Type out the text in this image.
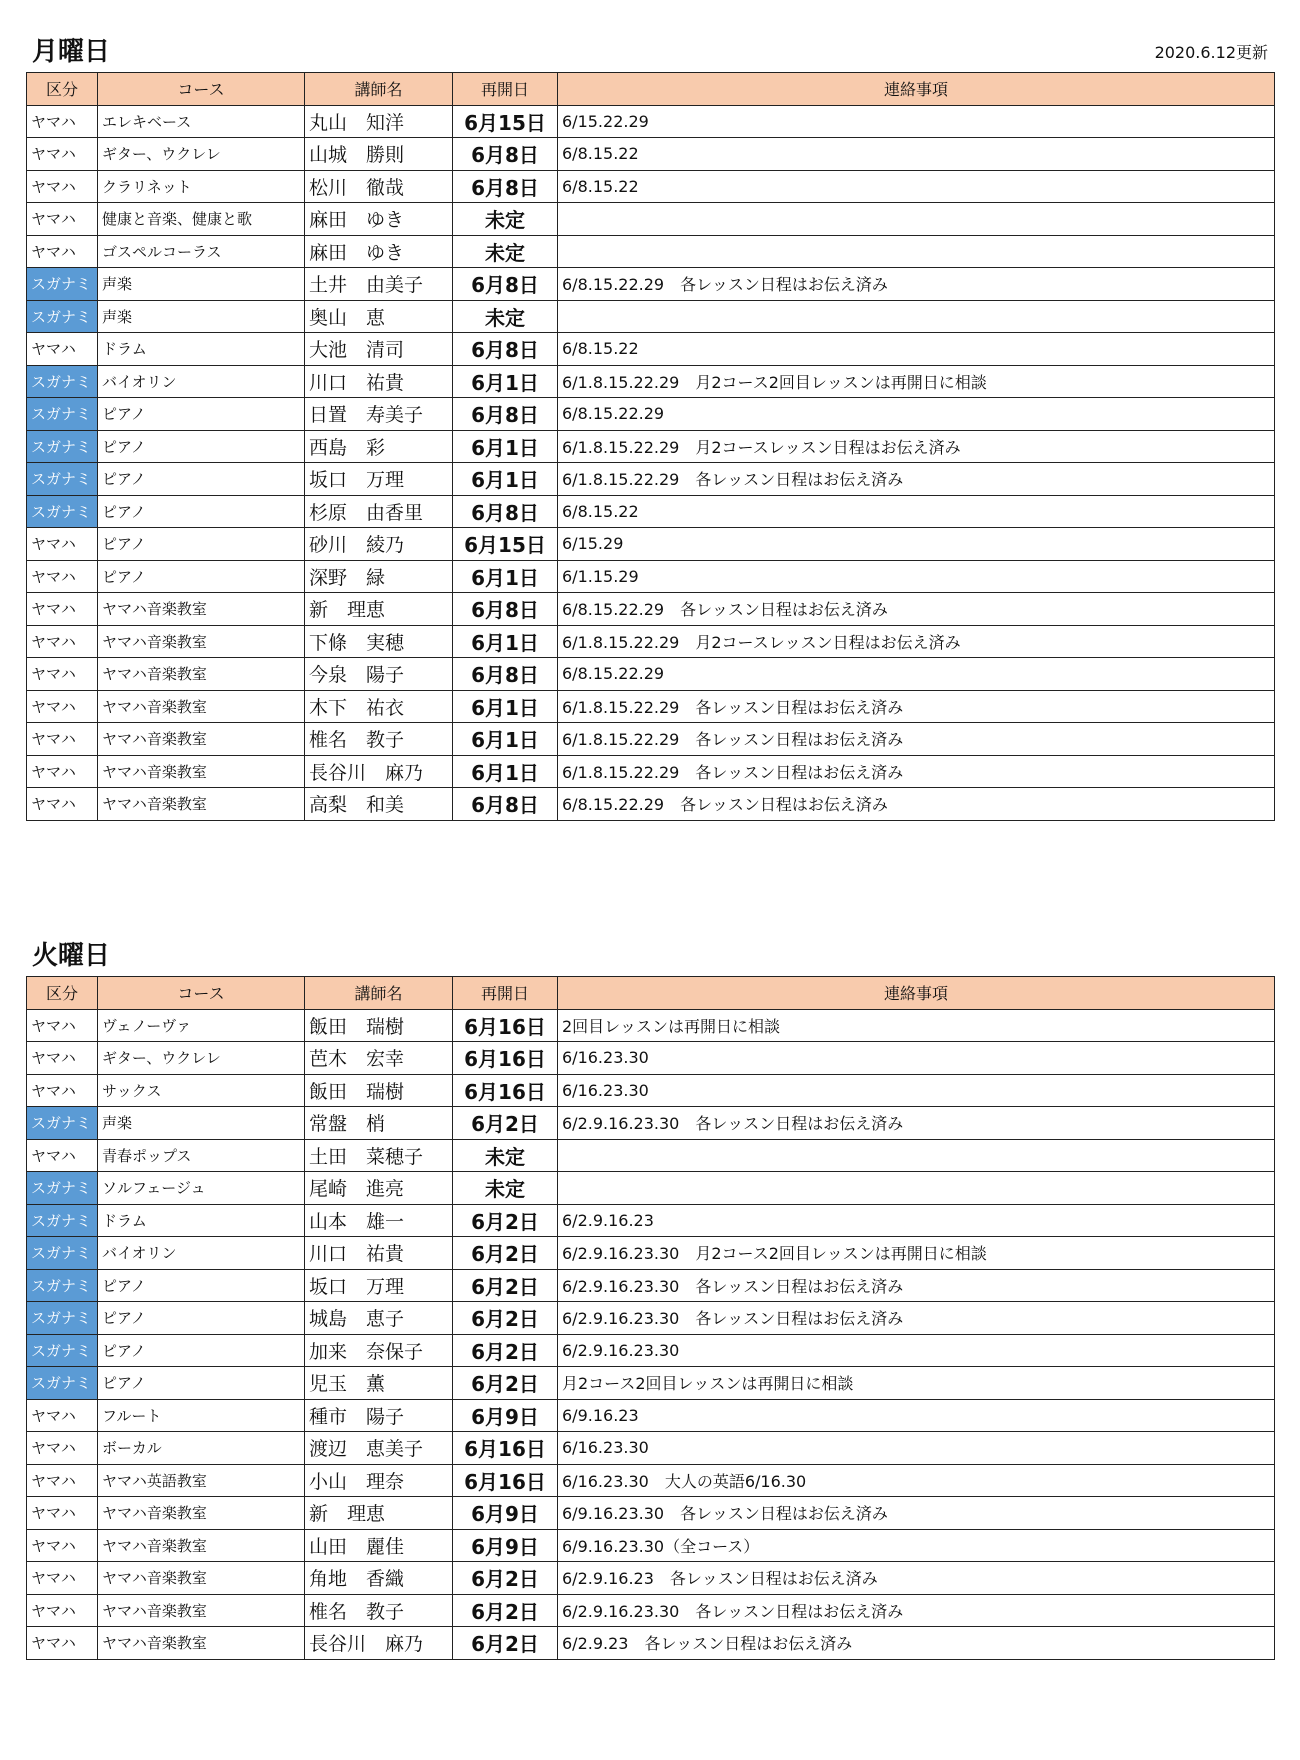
月曜日	2020.6.12更新
区分	コース	講師名	再開日	連絡事項
ヤマハ	エレキベース	丸山　知洋	6月15日	6/15.22.29
ヤマハ	ギター、ウクレレ	山城　勝則	6月8日	6/8.15.22
ヤマハ	クラリネット	松川　徹哉	6月8日	6/8.15.22
ヤマハ	健康と音楽、健康と歌	麻田　ゆき	未定	
ヤマハ	ゴスペルコーラス	麻田　ゆき	未定	
スガナミ	声楽	土井　由美子	6月8日	6/8.15.22.29　各レッスン日程はお伝え済み
スガナミ	声楽	奥山　恵	未定	
ヤマハ	ドラム	大池　清司	6月8日	6/8.15.22
スガナミ	バイオリン	川口　祐貴	6月1日	6/1.8.15.22.29　月2コース2回目レッスンは再開日に相談
スガナミ	ピアノ	日置　寿美子	6月8日	6/8.15.22.29
スガナミ	ピアノ	西島　彩	6月1日	6/1.8.15.22.29　月2コースレッスン日程はお伝え済み
スガナミ	ピアノ	坂口　万理	6月1日	6/1.8.15.22.29　各レッスン日程はお伝え済み
スガナミ	ピアノ	杉原　由香里	6月8日	6/8.15.22
ヤマハ	ピアノ	砂川　綾乃	6月15日	6/15.29
ヤマハ	ピアノ	深野　緑	6月1日	6/1.15.29
ヤマハ	ヤマハ音楽教室	新　理恵	6月8日	6/8.15.22.29　各レッスン日程はお伝え済み
ヤマハ	ヤマハ音楽教室	下條　実穂	6月1日	6/1.8.15.22.29　月2コースレッスン日程はお伝え済み
ヤマハ	ヤマハ音楽教室	今泉　陽子	6月8日	6/8.15.22.29
ヤマハ	ヤマハ音楽教室	木下　祐衣	6月1日	6/1.8.15.22.29　各レッスン日程はお伝え済み
ヤマハ	ヤマハ音楽教室	椎名　教子	6月1日	6/1.8.15.22.29　各レッスン日程はお伝え済み
ヤマハ	ヤマハ音楽教室	長谷川　麻乃	6月1日	6/1.8.15.22.29　各レッスン日程はお伝え済み
ヤマハ	ヤマハ音楽教室	高梨　和美	6月8日	6/8.15.22.29　各レッスン日程はお伝え済み
火曜日
区分	コース	講師名	再開日	連絡事項
ヤマハ	ヴェノーヴァ	飯田　瑞樹	6月16日	2回目レッスンは再開日に相談
ヤマハ	ギター、ウクレレ	芭木　宏幸	6月16日	6/16.23.30
ヤマハ	サックス	飯田　瑞樹	6月16日	6/16.23.30
スガナミ	声楽	常盤　梢	6月2日	6/2.9.16.23.30　各レッスン日程はお伝え済み
ヤマハ	青春ポップス	土田　菜穂子	未定	
スガナミ	ソルフェージュ	尾崎　進亮	未定	
スガナミ	ドラム	山本　雄一	6月2日	6/2.9.16.23
スガナミ	バイオリン	川口　祐貴	6月2日	6/2.9.16.23.30　月2コース2回目レッスンは再開日に相談
スガナミ	ピアノ	坂口　万理	6月2日	6/2.9.16.23.30　各レッスン日程はお伝え済み
スガナミ	ピアノ	城島　恵子	6月2日	6/2.9.16.23.30　各レッスン日程はお伝え済み
スガナミ	ピアノ	加来　奈保子	6月2日	6/2.9.16.23.30
スガナミ	ピアノ	児玉　薫	6月2日	月2コース2回目レッスンは再開日に相談
ヤマハ	フルート	種市　陽子	6月9日	6/9.16.23
ヤマハ	ボーカル	渡辺　恵美子	6月16日	6/16.23.30
ヤマハ	ヤマハ英語教室	小山　理奈	6月16日	6/16.23.30　大人の英語6/16.30
ヤマハ	ヤマハ音楽教室	新　理恵	6月9日	6/9.16.23.30　各レッスン日程はお伝え済み
ヤマハ	ヤマハ音楽教室	山田　麗佳	6月9日	6/9.16.23.30（全コース）
ヤマハ	ヤマハ音楽教室	角地　香織	6月2日	6/2.9.16.23　各レッスン日程はお伝え済み
ヤマハ	ヤマハ音楽教室	椎名　教子	6月2日	6/2.9.16.23.30　各レッスン日程はお伝え済み
ヤマハ	ヤマハ音楽教室	長谷川　麻乃	6月2日	6/2.9.23　各レッスン日程はお伝え済み
